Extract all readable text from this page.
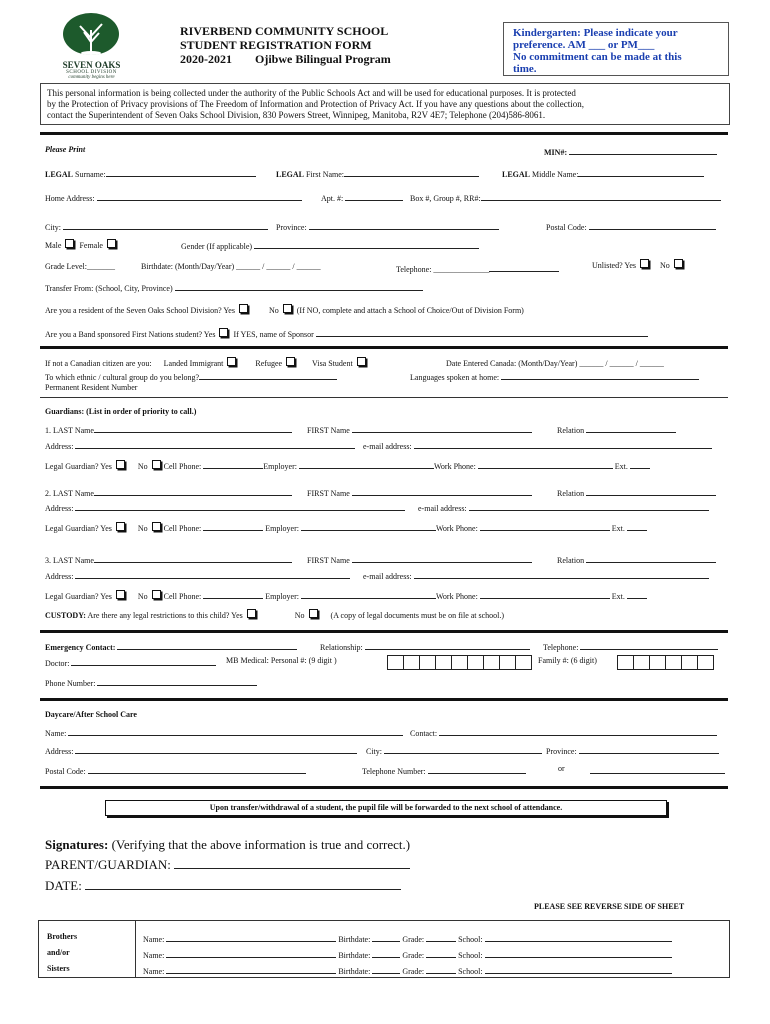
SEVEN OAKS
SCHOOL DIVISION
community begins here
RIVERBEND COMMUNITY SCHOOL
STUDENT REGISTRATION FORM
2020-2021 Ojibwe Bilingual Program
Kindergarten: Please indicate your
preference. AM ___ or PM___
No commitment can be made at this
time.
This personal information is being collected under the authority of the Public Schools Act and will be used for educational purposes. It is protected
by the Protection of Privacy provisions of The Freedom of Information and Protection of Privacy Act. If you have any questions about the collection,
contact the Superintendent of Seven Oaks School Division, 830 Powers Street, Winnipeg, Manitoba, R2V 4E7; Telephone (204)586-8061.
Please Print	MIN#:
LEGAL Surname:	LEGAL First Name:	LEGAL Middle Name:
Home Address:	Apt. #:	Box #, Group #, RR#:
City:	Province:	Postal Code:
Male Female	Gender (If applicable)
Grade Level:_______	Birthdate: (Month/Day/Year) ______ / ______ / ______	Telephone: ______________	Unlisted? Yes	No
Transfer From: (School, City, Province)
Are you a resident of the Seven Oaks School Division? Yes	No (If NO, complete and attach a School of Choice/Out of Division Form)
Are you a Band sponsored First Nations student? Yes If YES, name of Sponsor
If not a Canadian citizen are you: Landed Immigrant	Refugee	Visa Student	Date Entered Canada: (Month/Day/Year) ______ / ______ / ______
To which ethnic / cultural group do you belong?	Languages spoken at home:
Permanent Resident Number
Guardians: (List in order of priority to call.)
1. LAST Name	FIRST Name	Relation
Address:	e-mail address:

Legal Guardian? Yes	No Cell Phone:	Employer:	Work Phone:	Ext.
2. LAST Name	FIRST Name	Relation
Address:	e-mail address:
Legal Guardian? Yes	No Cell Phone:	Employer:	Work Phone:	Ext.
3. LAST Name	FIRST Name	Relation
Address:	e-mail address:
Legal Guardian? Yes	No Cell Phone:	Employer:	Work Phone:	Ext.
CUSTODY: Are there any legal restrictions to this child? Yes	No	(A copy of legal documents must be on file at school.)
Emergency Contact:	Relationship:	Telephone:
Doctor:	MB Medical: Personal #: (9 digit )	Family #: (6 digit)
Phone Number:
Daycare/After School Care
Name:	Contact:
Address:	City:	Province:
Postal Code:	Telephone Number:	or
Upon transfer/withdrawal of a student, the pupil file will be forwarded to the next school of attendance.
Signatures: (Verifying that the above information is true and correct.)
PARENT/GUARDIAN:
DATE:
PLEASE SEE REVERSE SIDE OF SHEET
Brothers
and/or
Sisters
Name:	Birthdate:	Grade:	School:
Name:	Birthdate:	Grade:	School:
Name:	Birthdate:	Grade:	School:
